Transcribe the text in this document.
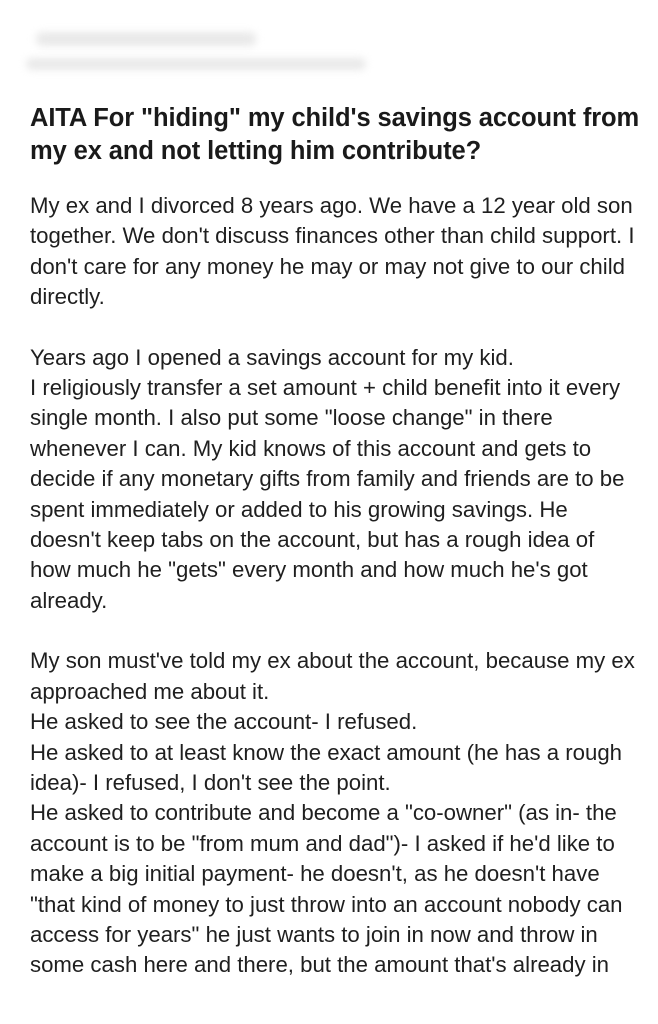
AITA For "hiding" my child's savings account from my ex and not letting him contribute?

My ex and I divorced 8 years ago. We have a 12 year old son together. We don't discuss finances other than child support. I don't care for any money he may or may not give to our child directly.

Years ago I opened a savings account for my kid.
I religiously transfer a set amount + child benefit into it every single month. I also put some "loose change" in there whenever I can. My kid knows of this account and gets to decide if any monetary gifts from family and friends are to be spent immediately or added to his growing savings. He doesn't keep tabs on the account, but has a rough idea of how much he "gets" every month and how much he's got already.

My son must've told my ex about the account, because my ex approached me about it.
He asked to see the account- I refused.
He asked to at least know the exact amount (he has a rough idea)- I refused, I don't see the point.
He asked to contribute and become a "co-owner" (as in- the account is to be "from mum and dad")- I asked if he'd like to make a big initial payment- he doesn't, as he doesn't have "that kind of money to just throw into an account nobody can access for years" he just wants to join in now and throw in some cash here and there, but the amount that's already in
